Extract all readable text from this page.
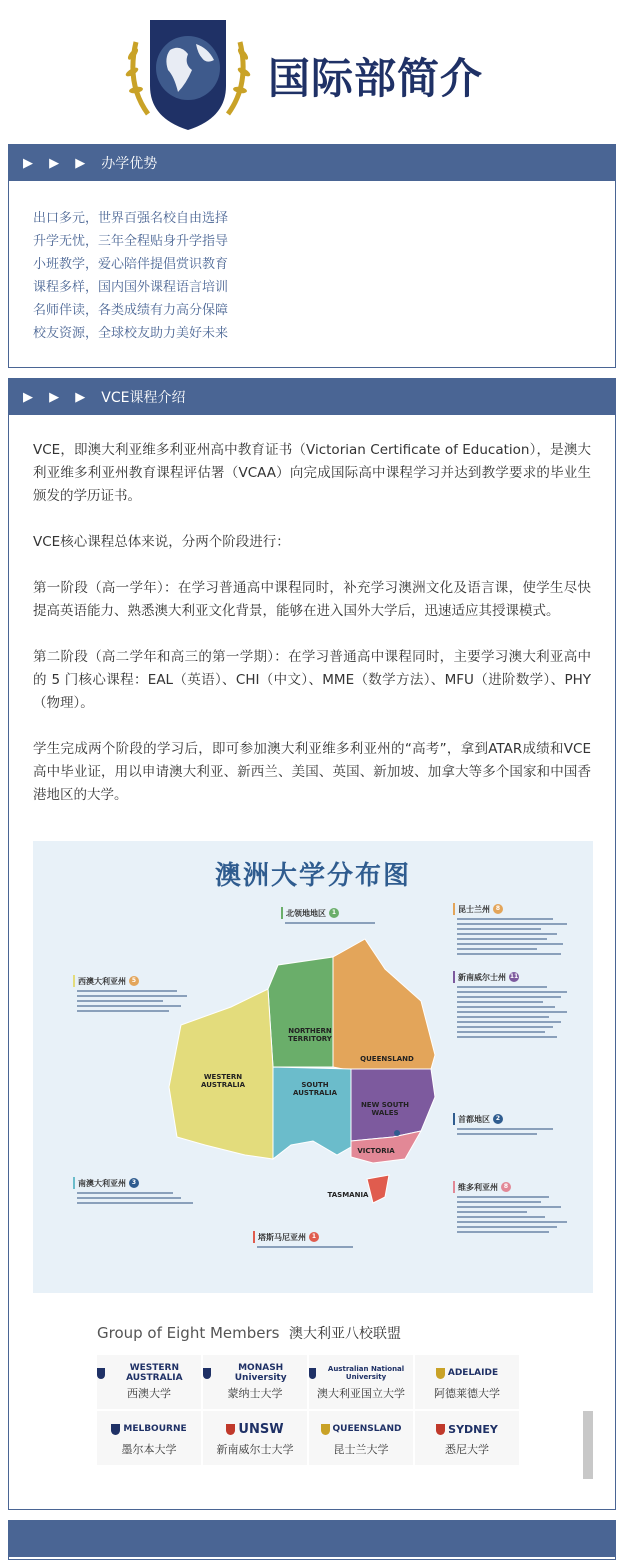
国际部简介
▶ ▶ ▶ 办学优势
出口多元，世界百强名校自由选择
升学无忧，三年全程贴身升学指导
小班教学，爱心陪伴提倡赏识教育
课程多样，国内国外课程语言培训
名师伴读，各类成绩有力高分保障
校友资源，全球校友助力美好未来
▶ ▶ ▶ VCE课程介绍

VCE，即澳大利亚维多利亚州高中教育证书（Victorian Certificate of Education），是澳大利亚维多利亚州教育课程评估署（VCAA）向完成国际高中课程学习并达到教学要求的毕业生颁发的学历证书。

VCE核心课程总体来说，分两个阶段进行：

第一阶段（高一学年）：在学习普通高中课程同时，补充学习澳洲文化及语言课，使学生尽快提高英语能力、熟悉澳大利亚文化背景，能够在进入国外大学后，迅速适应其授课模式。

第二阶段（高二学年和高三的第一学期）：在学习普通高中课程同时，主要学习澳大利亚高中的 5 门核心课程：EAL（英语）、CHI（中文）、MME（数学方法）、MFU（进阶数学）、PHY（物理）。

学生完成两个阶段的学习后，即可参加澳大利亚维多利亚州的“高考”，拿到ATAR成绩和VCE高中毕业证，用以申请澳大利亚、新西兰、美国、英国、新加坡、加拿大等多个国家和中国香港地区的大学。

澳洲大学分布图
NORTHERN TERRITORY
WESTERN AUSTRALIA	SOUTH AUSTRALIA
QUEENSLAND
NEW SOUTH WALES
VICTORIA
TASMANIA
北领地地区 1	昆士兰州 8
西澳大利亚州 5	新南威尔士州 11
首都地区 2
南澳大利亚州 3	维多利亚州 8
塔斯马尼亚州 1
Group of Eight Members 澳大利亚八校联盟
WESTERN AUSTRALIA
西澳大学
MONASH University
蒙纳士大学
Australian National University
澳大利亚国立大学
ADELAIDE
阿德莱德大学
MELBOURNE
墨尔本大学
UNSW
新南威尔士大学
QUEENSLAND
昆士兰大学
SYDNEY
悉尼大学
